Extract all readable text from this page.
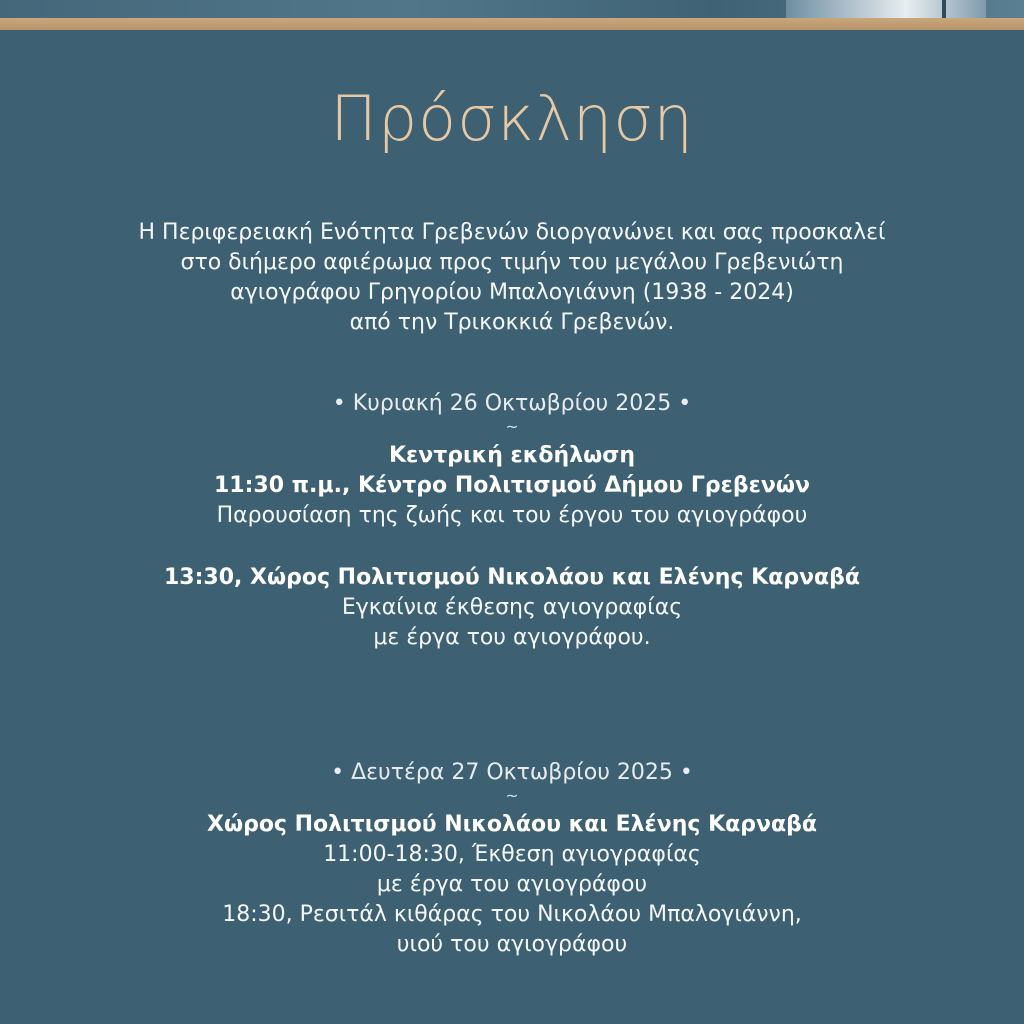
Πρόσκληση
Η Περιφερειακή Ενότητα Γρεβενών διοργανώνει και σας προσκαλεί
στο διήμερο αφιέρωμα προς τιμήν του μεγάλου Γρεβενιώτη
αγιογράφου Γρηγορίου Μπαλογιάννη (1938 - 2024)
από την Τρικοκκιά Γρεβενών.
• Κυριακή 26 Οκτωβρίου 2025 •
~
Κεντρική εκδήλωση
11:30 π.μ., Κέντρο Πολιτισμού Δήμου Γρεβενών
Παρουσίαση της ζωής και του έργου του αγιογράφου
13:30, Χώρος Πολιτισμού Νικολάου και Ελένης Καρναβά
Εγκαίνια έκθεσης αγιογραφίας
με έργα του αγιογράφου.
• Δευτέρα 27 Οκτωβρίου 2025 •
~
Χώρος Πολιτισμού Νικολάου και Ελένης Καρναβά
11:00-18:30, Έκθεση αγιογραφίας
με έργα του αγιογράφου
18:30, Ρεσιτάλ κιθάρας του Νικολάου Μπαλογιάννη,
υιού του αγιογράφου
